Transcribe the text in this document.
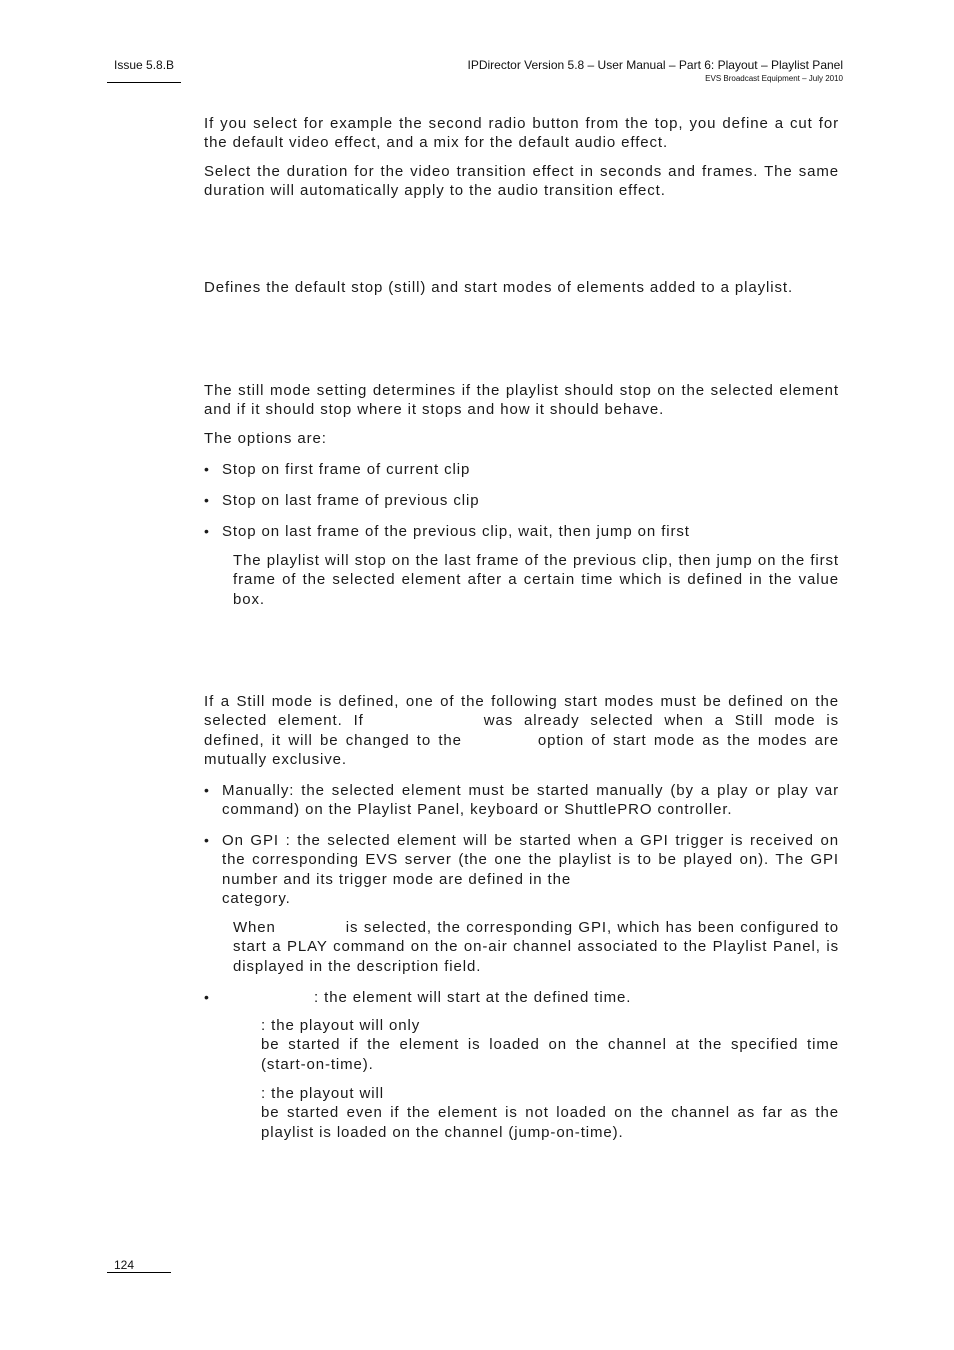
Issue 5.8.B	IPDirector Version 5.8 – User Manual – Part 6: Playout – Playlist Panel
EVS Broadcast Equipment – July 2010
If you select for example the second radio button from the top, you define a cut for the default video effect, and a mix for the default audio effect.
Select the duration for the video transition effect in seconds and frames. The same duration will automatically apply to the audio transition effect.
Defines the default stop (still) and start modes of elements added to a playlist.
The still mode setting determines if the playlist should stop on the selected element and if it should stop where it stops and how it should behave.
The options are:
• Stop on first frame of current clip
• Stop on last frame of previous clip
• Stop on last frame of the previous clip, wait, then jump on first
The playlist will stop on the last frame of the previous clip, then jump on the first frame of the selected element after a certain time which is defined in the value box.
If a Still mode is defined, one of the following start modes must be defined on the selected element. If	was already selected when a Still mode is defined, it will be changed to the	option of start mode as the modes are mutually exclusive.
• Manually: the selected element must be started manually (by a play or play var command) on the Playlist Panel, keyboard or ShuttlePRO controller.
• On GPI : the selected element will be started when a GPI trigger is received on the corresponding EVS server (the one the playlist is to be played on). The GPI number and its trigger mode are defined in the
category.
When	is selected, the corresponding GPI, which has been configured to start a PLAY command on the on-air channel associated to the Playlist Panel, is displayed in the description field.
•	: the element will start at the defined time.
: the playout will only
be started if the element is loaded on the channel at the specified time (start-on-time).
: the playout will
be started even if the element is not loaded on the channel as far as the playlist is loaded on the channel (jump-on-time).
124
